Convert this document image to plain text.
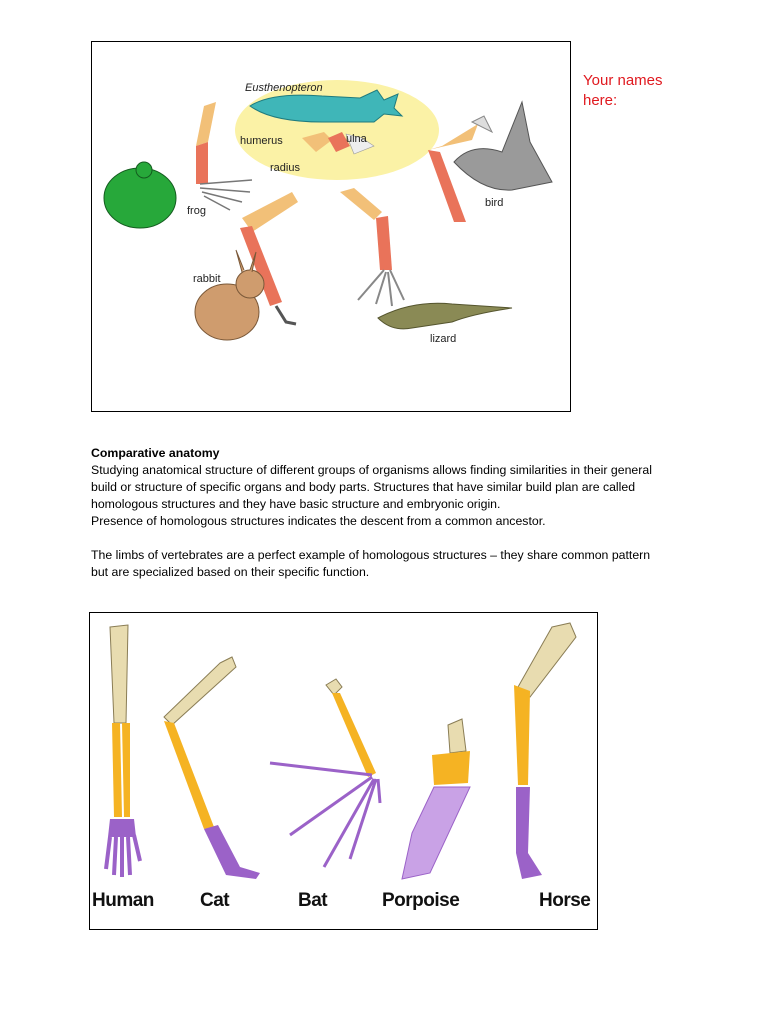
Eusthenopteron
humerus	ulna
radius
frog
bird
rabbit
lizard
Your names
here:

Comparative anatomy

Studying anatomical structure of different groups of organisms allows finding similarities in their general

build or structure of specific organs and body parts. Structures that have similar build plan are called

homologous structures and they have basic structure and embryonic origin.

Presence of homologous structures indicates the descent from a common ancestor.

The limbs of vertebrates are a perfect example of homologous structures – they share common pattern

but are specialized based on their specific function.

Human Cat	Bat	Porpoise	Horse
